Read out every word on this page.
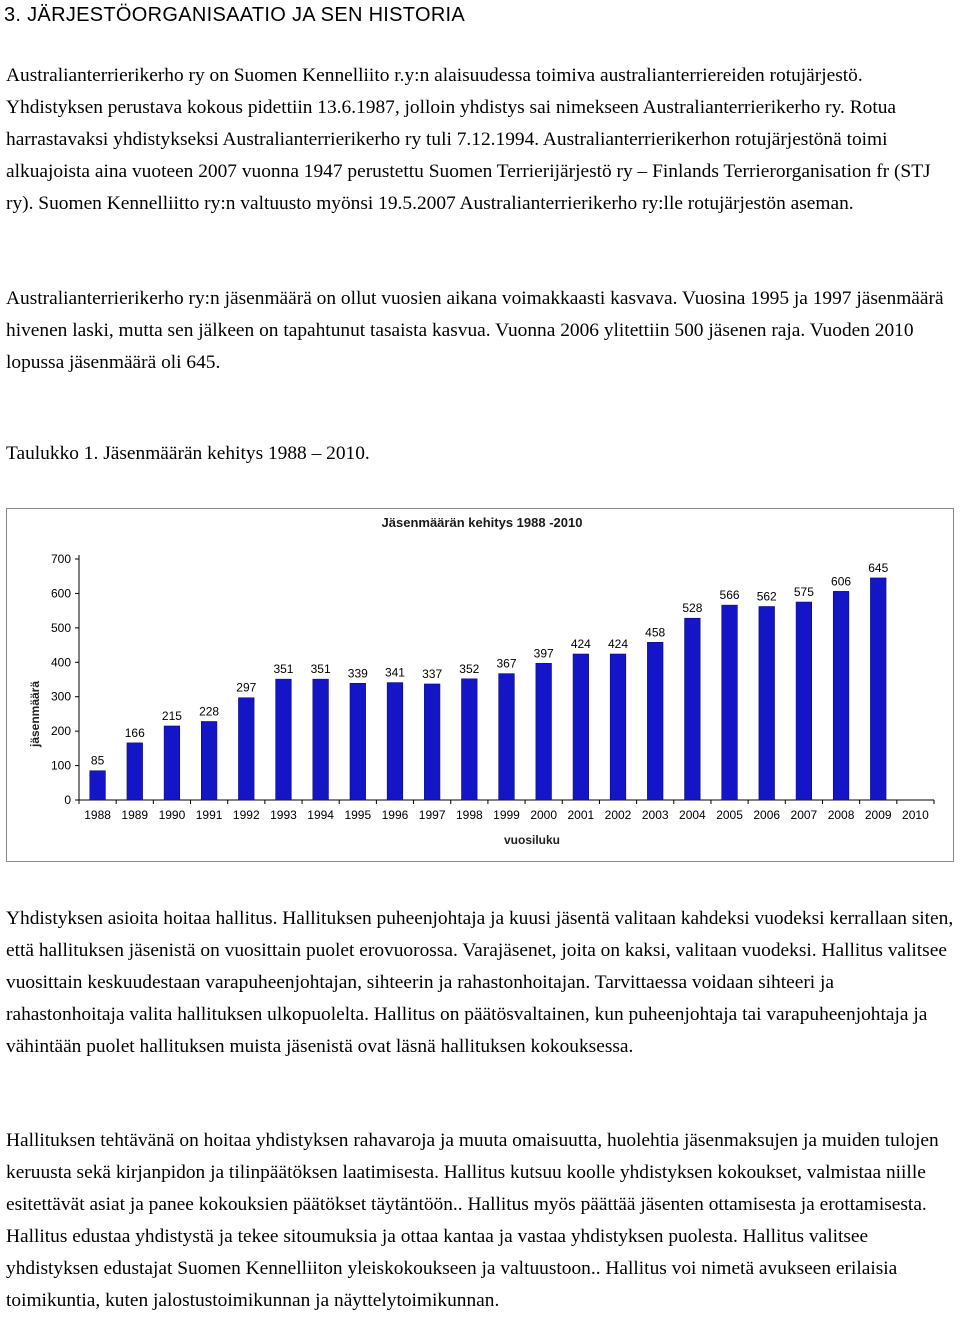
3. JÄRJESTÖORGANISAATIO JA SEN HISTORIA

Australianterrierikerho ry on Suomen Kennelliito r.y:n alaisuudessa toimiva australianterriereiden rotujärjestö. Yhdistyksen perustava kokous pidettiin 13.6.1987, jolloin yhdistys sai nimekseen Australianterrierikerho ry. Rotua harrastavaksi yhdistykseksi Australianterrierikerho ry tuli 7.12.1994. Australianterrierikerhon rotujärjestönä toimi alkuajoista aina vuoteen 2007 vuonna 1947 perustettu Suomen Terrierijärjestö ry – Finlands Terrierorganisation fr (STJ ry). Suomen Kennelliitto ry:n valtuusto myönsi 19.5.2007 Australianterrierikerho ry:lle rotujärjestön aseman.

Australianterrierikerho ry:n jäsenmäärä on ollut vuosien aikana voimakkaasti kasvava. Vuosina 1995 ja 1997 jäsenmäärä hivenen laski, mutta sen jälkeen on tapahtunut tasaista kasvua. Vuonna 2006 ylitettiin 500 jäsenen raja. Vuoden 2010 lopussa jäsenmäärä oli 645.

Taulukko 1. Jäsenmäärän kehitys 1988 – 2010.

Jäsenmäärän kehitys 1988 -2010
jäsenmäärä
vuosiluku
0
100
200
300
400
500
600
700
1988 1989 1990 1991 1992 1993 1994 1995 1996 1997 1998 1999 2000 2001 2002 2003 2004 2005 2006 2007 2008 2009 2010
85
166
215 228
297
351 351 339 341 337 352 367
397
424 424
458
528
566 562 575
606
645

Yhdistyksen asioita hoitaa hallitus. Hallituksen puheenjohtaja ja kuusi jäsentä valitaan kahdeksi vuodeksi kerrallaan siten, että hallituksen jäsenistä on vuosittain puolet erovuorossa. Varajäsenet, joita on kaksi, valitaan vuodeksi. Hallitus valitsee vuosittain keskuudestaan varapuheenjohtajan, sihteerin ja rahastonhoitajan. Tarvittaessa voidaan sihteeri ja rahastonhoitaja valita hallituksen ulkopuolelta. Hallitus on päätösvaltainen, kun puheenjohtaja tai varapuheenjohtaja ja vähintään puolet hallituksen muista jäsenistä ovat läsnä hallituksen kokouksessa.

Hallituksen tehtävänä on hoitaa yhdistyksen rahavaroja ja muuta omaisuutta, huolehtia jäsenmaksujen ja muiden tulojen keruusta sekä kirjanpidon ja tilinpäätöksen laatimisesta. Hallitus kutsuu koolle yhdistyksen kokoukset, valmistaa niille esitettävät asiat ja panee kokouksien päätökset täytäntöön.. Hallitus myös päättää jäsenten ottamisesta ja erottamisesta. Hallitus edustaa yhdistystä ja tekee sitoumuksia ja ottaa kantaa ja vastaa yhdistyksen puolesta. Hallitus valitsee yhdistyksen edustajat Suomen Kennelliiton yleiskokoukseen ja valtuustoon.. Hallitus voi nimetä avukseen erilaisia toimikuntia, kuten jalostustoimikunnan ja näyttelytoimikunnan.
